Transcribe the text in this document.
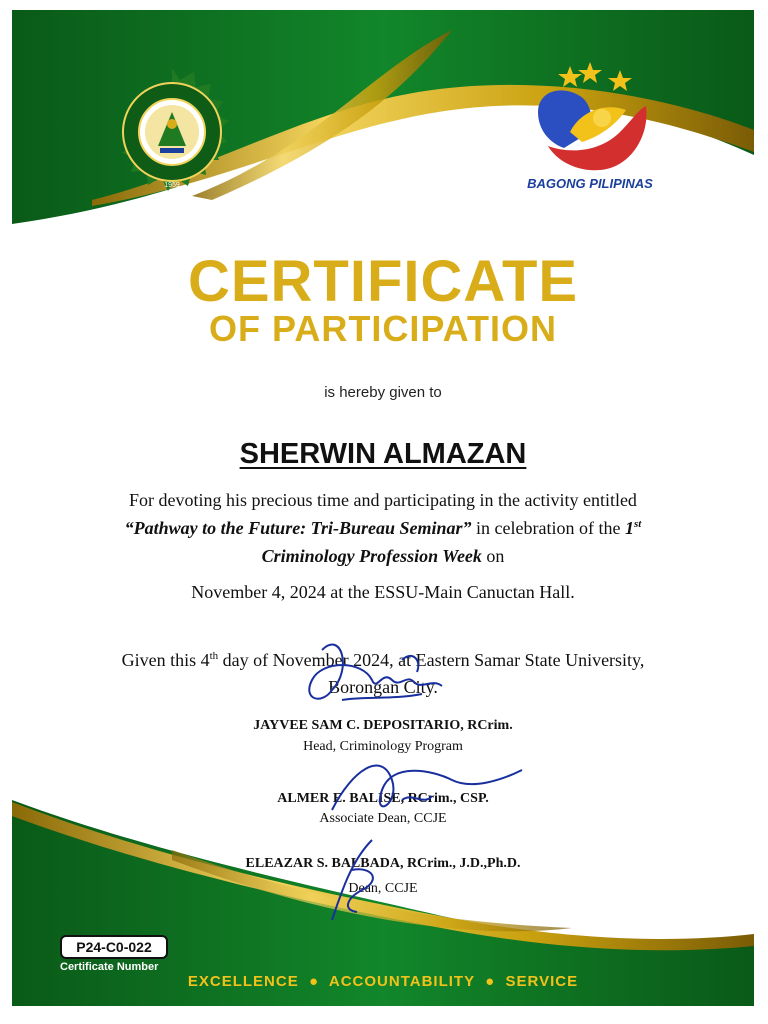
1959	BAGONG PILIPINAS
CERTIFICATE
OF PARTICIPATION
is hereby given to
SHERWIN ALMAZAN
For devoting his precious time and participating in the activity entitled
“Pathway to the Future: Tri-Bureau Seminar” in celebration of the 1st
Criminology Profession Week on
November 4, 2024 at the ESSU-Main Canuctan Hall.
Given this 4th day of November 2024, at Eastern Samar State University,
Borongan City.
JAYVEE SAM C. DEPOSITARIO, RCrim.
Head, Criminology Program
ALMER E. BALISE, RCrim., CSP.
Associate Dean, CCJE
ELEAZAR S. BALBADA, RCrim., J.D.,Ph.D.
Dean, CCJE
P24-C0-022
Certificate Number
EXCELLENCE  ●  ACCOUNTABILITY  ●  SERVICE
